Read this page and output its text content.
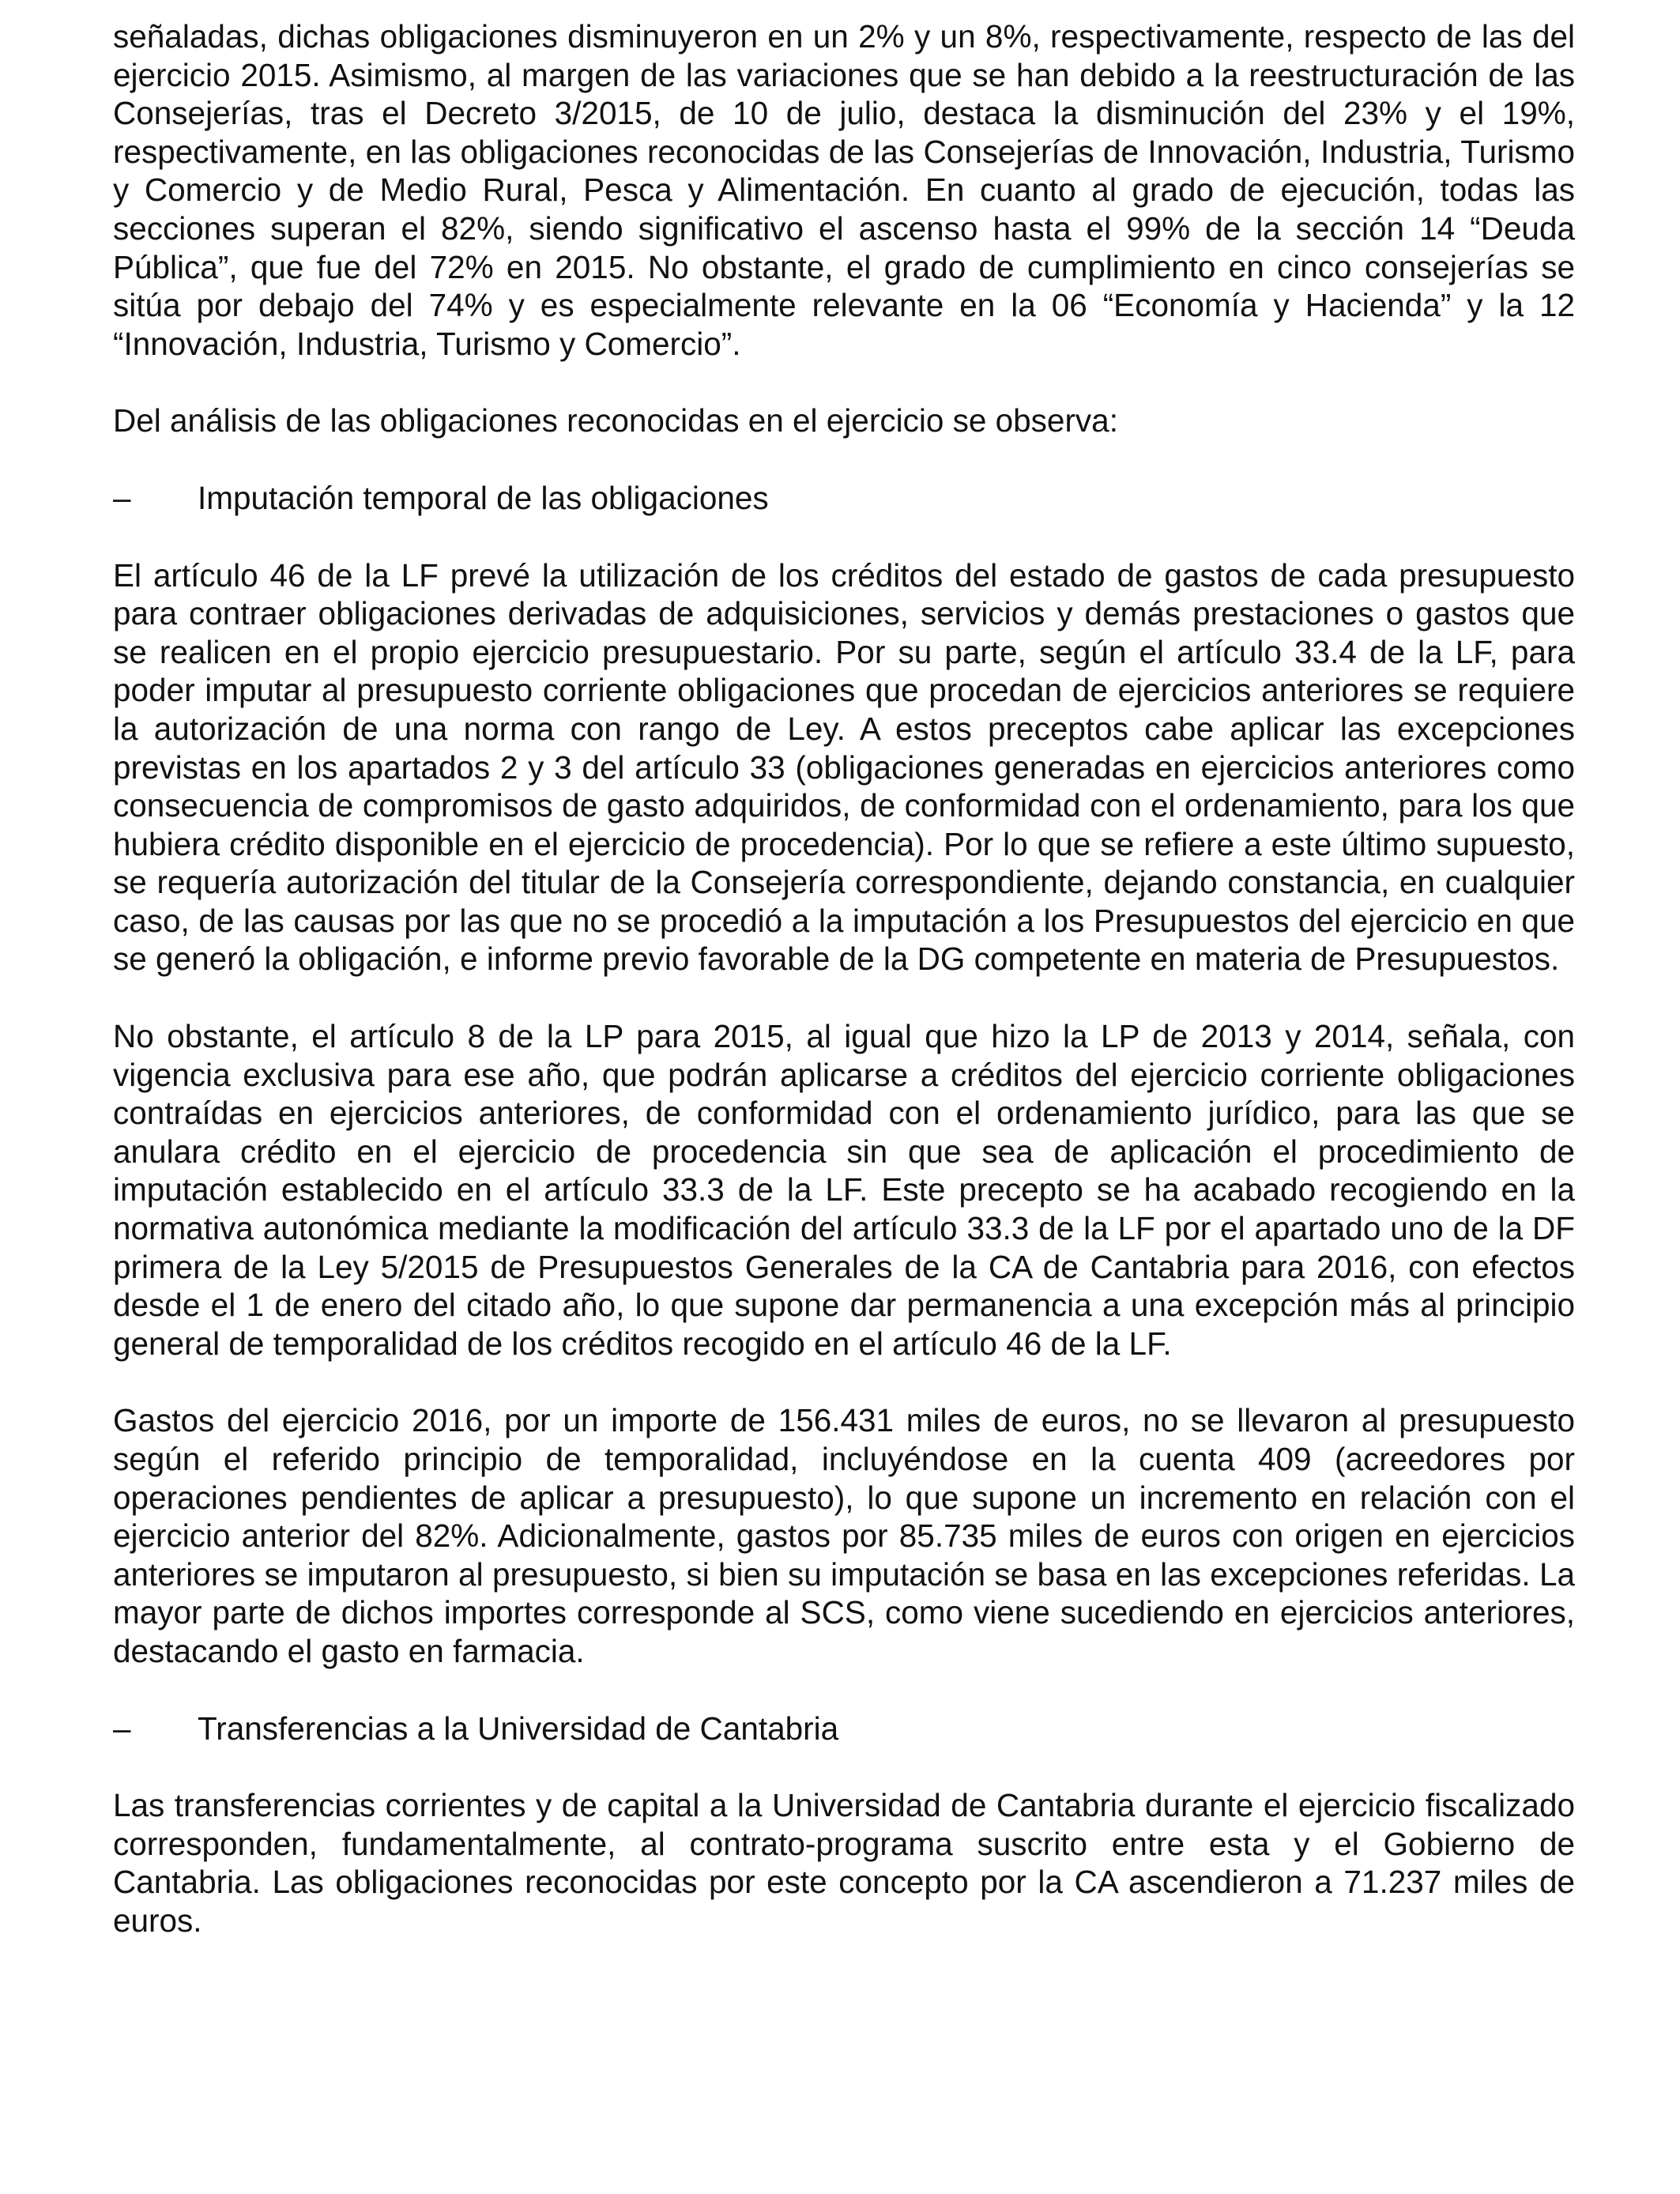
señaladas, dichas obligaciones disminuyeron en un 2% y un 8%, respectivamente, respecto de las del ejercicio 2015. Asimismo, al margen de las variaciones que se han debido a la reestructuración de las Consejerías, tras el Decreto 3/2015, de 10 de julio, destaca la disminución del 23% y el 19%, respectivamente, en las obligaciones reconocidas de las Consejerías de Innovación, Industria, Turismo y Comercio y de Medio Rural, Pesca y Alimentación. En cuanto al grado de ejecución, todas las secciones superan el 82%, siendo significativo el ascenso hasta el 99% de la sección 14 “Deuda Pública”, que fue del 72% en 2015. No obstante, el grado de cumplimiento en cinco consejerías se sitúa por debajo del 74% y es especialmente relevante en la 06 “Economía y Hacienda” y la 12 “Innovación, Industria, Turismo y Comercio”.

Del análisis de las obligaciones reconocidas en el ejercicio se observa:

–	Imputación temporal de las obligaciones

El artículo 46 de la LF prevé la utilización de los créditos del estado de gastos de cada presupuesto para contraer obligaciones derivadas de adquisiciones, servicios y demás prestaciones o gastos que se realicen en el propio ejercicio presupuestario. Por su parte, según el artículo 33.4 de la LF, para poder imputar al presupuesto corriente obligaciones que procedan de ejercicios anteriores se requiere la autorización de una norma con rango de Ley. A estos preceptos cabe aplicar las excepciones previstas en los apartados 2 y 3 del artículo 33 (obligaciones generadas en ejercicios anteriores como consecuencia de compromisos de gasto adquiridos, de conformidad con el ordenamiento, para los que hubiera crédito disponible en el ejercicio de procedencia). Por lo que se refiere a este último supuesto, se requería autorización del titular de la Consejería correspondiente, dejando constancia, en cualquier caso, de las causas por las que no se procedió a la imputación a los Presupuestos del ejercicio en que se generó la obligación, e informe previo favorable de la DG competente en materia de Presupuestos.

No obstante, el artículo 8 de la LP para 2015, al igual que hizo la LP de 2013 y 2014, señala, con vigencia exclusiva para ese año, que podrán aplicarse a créditos del ejercicio corriente obligaciones contraídas en ejercicios anteriores, de conformidad con el ordenamiento jurídico, para las que se anulara crédito en el ejercicio de procedencia sin que sea de aplicación el procedimiento de imputación establecido en el artículo 33.3 de la LF. Este precepto se ha acabado recogiendo en la normativa autonómica mediante la modificación del artículo 33.3 de la LF por el apartado uno de la DF primera de la Ley 5/2015 de Presupuestos Generales de la CA de Cantabria para 2016, con efectos desde el 1 de enero del citado año, lo que supone dar permanencia a una excepción más al principio general de temporalidad de los créditos recogido en el artículo 46 de la LF.

Gastos del ejercicio 2016, por un importe de 156.431 miles de euros, no se llevaron al presupuesto según el referido principio de temporalidad, incluyéndose en la cuenta 409 (acreedores por operaciones pendientes de aplicar a presupuesto), lo que supone un incremento en relación con el ejercicio anterior del 82%. Adicionalmente, gastos por 85.735 miles de euros con origen en ejercicios anteriores se imputaron al presupuesto, si bien su imputación se basa en las excepciones referidas. La mayor parte de dichos importes corresponde al SCS, como viene sucediendo en ejercicios anteriores, destacando el gasto en farmacia.

–	Transferencias a la Universidad de Cantabria

Las transferencias corrientes y de capital a la Universidad de Cantabria durante el ejercicio fiscalizado corresponden, fundamentalmente, al contrato-programa suscrito entre esta y el Gobierno de Cantabria. Las obligaciones reconocidas por este concepto por la CA ascendieron a 71.237 miles de euros.
